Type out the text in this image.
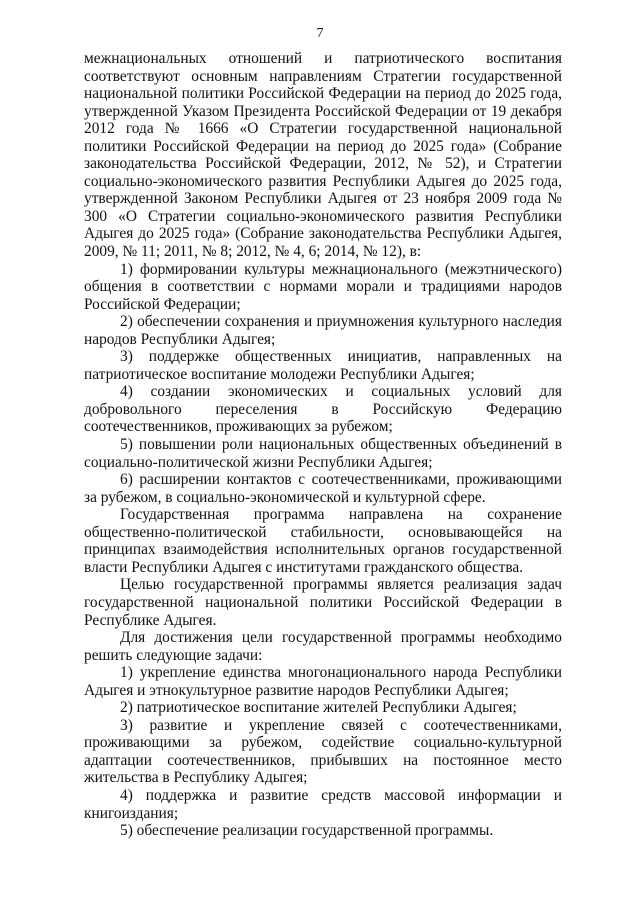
7

межнациональных отношений и патриотического воспитания соответствуют основным направлениям Стратегии государственной национальной политики Российской Федерации на период до 2025 года, утвержденной Указом Президента Российской Федерации от 19 декабря 2012 года № 1666 «О Стратегии государственной национальной политики Российской Федерации на период до 2025 года» (Собрание законодательства Российской Федерации, 2012, № 52), и Стратегии социально-экономического развития Республики Адыгея до 2025 года, утвержденной Законом Республики Адыгея от 23 ноября 2009 года № 300 «О Стратегии социально-экономического развития Республики Адыгея до 2025 года» (Собрание законодательства Республики Адыгея, 2009, № 11; 2011, № 8; 2012, № 4, 6; 2014, № 12), в:

1) формировании культуры межнационального (межэтнического) общения в соответствии с нормами морали и традициями народов Российской Федерации;

2) обеспечении сохранения и приумножения культурного наследия народов Республики Адыгея;

3) поддержке общественных инициатив, направленных на патриотическое воспитание молодежи Республики Адыгея;

4) создании экономических и социальных условий для добровольного переселения в Российскую Федерацию соотечественников, проживающих за рубежом;

5) повышении роли национальных общественных объединений в социально-политической жизни Республики Адыгея;

6) расширении контактов с соотечественниками, проживающими за рубежом, в социально-экономической и культурной сфере.

Государственная программа направлена на сохранение общественно-политической стабильности, основывающейся на принципах взаимодействия исполнительных органов государственной власти Республики Адыгея с институтами гражданского общества.

Целью государственной программы является реализация задач государственной национальной политики Российской Федерации в Республике Адыгея.

Для достижения цели государственной программы необходимо решить следующие задачи:

1) укрепление единства многонационального народа Республики Адыгея и этнокультурное развитие народов Республики Адыгея;

2) патриотическое воспитание жителей Республики Адыгея;

3) развитие и укрепление связей с соотечественниками, проживающими за рубежом, содействие социально-культурной адаптации соотечественников, прибывших на постоянное место жительства в Республику Адыгея;

4) поддержка и развитие средств массовой информации и книгоиздания;

5) обеспечение реализации государственной программы.
